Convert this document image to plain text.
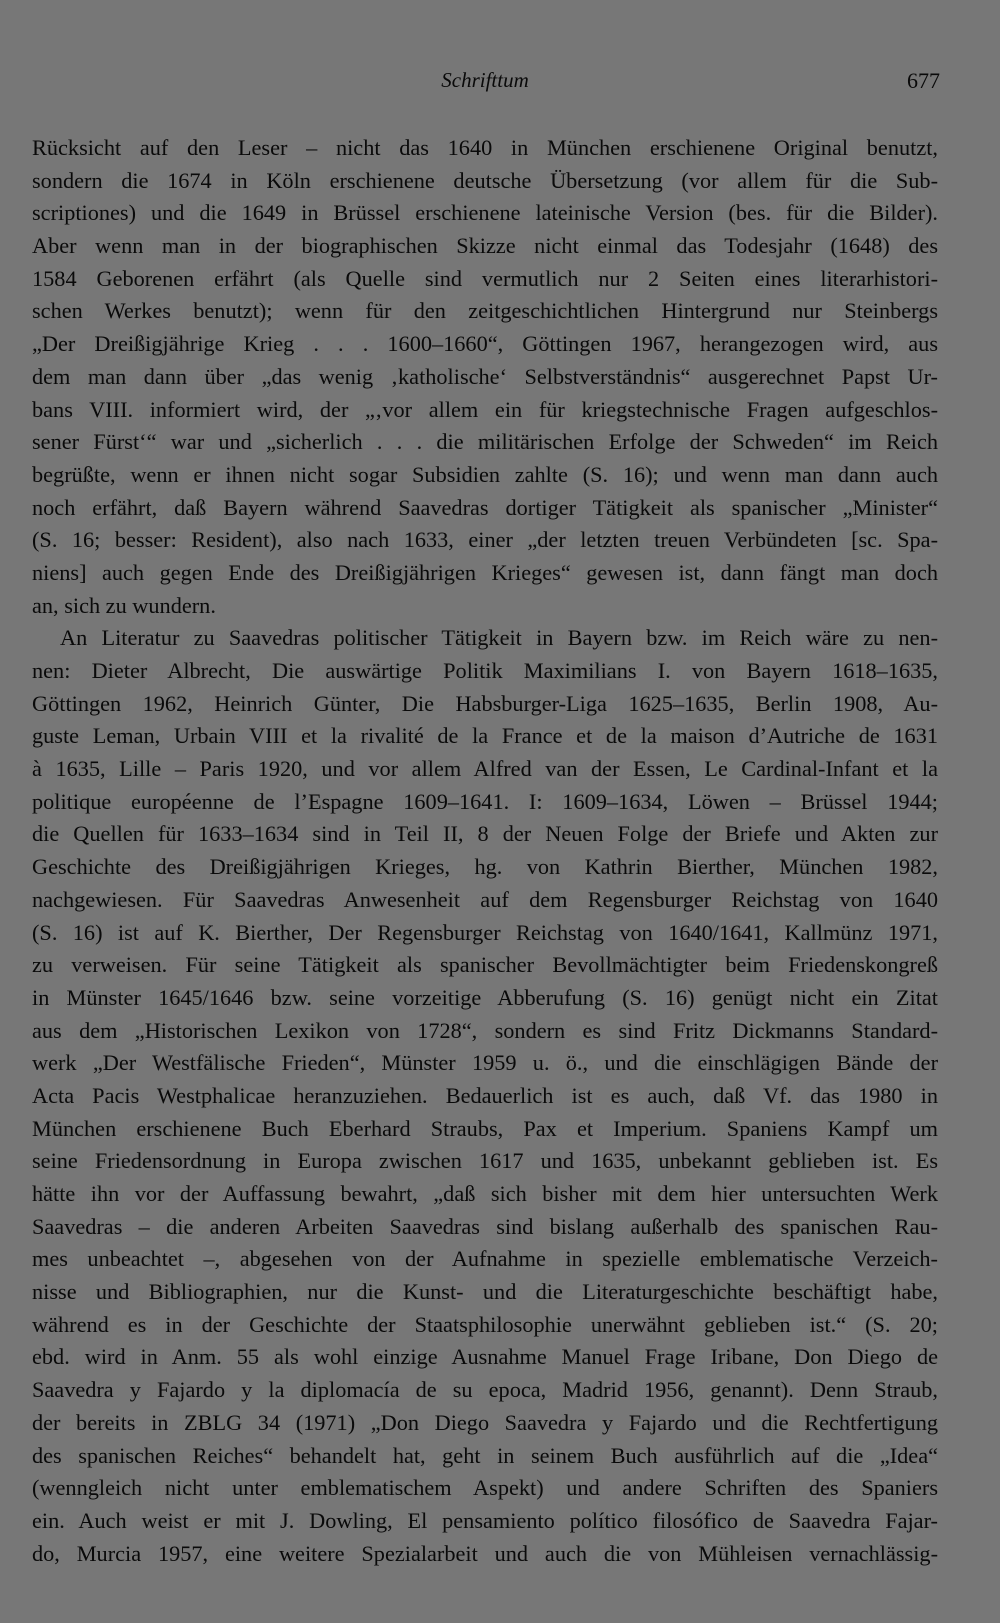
Schrifttum	677
Rücksicht auf den Leser – nicht das 1640 in München erschienene Original benutzt,
sondern die 1674 in Köln erschienene deutsche Übersetzung (vor allem für die Sub-
scriptiones) und die 1649 in Brüssel erschienene lateinische Version (bes. für die Bilder).
Aber wenn man in der biographischen Skizze nicht einmal das Todesjahr (1648) des
1584 Geborenen erfährt (als Quelle sind vermutlich nur 2 Seiten eines literarhistori-
schen Werkes benutzt); wenn für den zeitgeschichtlichen Hintergrund nur Steinbergs
„Der Dreißigjährige Krieg . . . 1600–1660“, Göttingen 1967, herangezogen wird, aus
dem man dann über „das wenig ‚katholische‘ Selbstverständnis“ ausgerechnet Papst Ur-
bans VIII. informiert wird, der „‚vor allem ein für kriegstechnische Fragen aufgeschlos-
sener Fürst‘“ war und „sicherlich . . . die militärischen Erfolge der Schweden“ im Reich
begrüßte, wenn er ihnen nicht sogar Subsidien zahlte (S. 16); und wenn man dann auch
noch erfährt, daß Bayern während Saavedras dortiger Tätigkeit als spanischer „Minister“
(S. 16; besser: Resident), also nach 1633, einer „der letzten treuen Verbündeten [sc. Spa-
niens] auch gegen Ende des Dreißigjährigen Krieges“ gewesen ist, dann fängt man doch
an, sich zu wundern.
An Literatur zu Saavedras politischer Tätigkeit in Bayern bzw. im Reich wäre zu nen-
nen: Dieter Albrecht, Die auswärtige Politik Maximilians I. von Bayern 1618–1635,
Göttingen 1962, Heinrich Günter, Die Habsburger-Liga 1625–1635, Berlin 1908, Au-
guste Leman, Urbain VIII et la rivalité de la France et de la maison d’Autriche de 1631
à 1635, Lille – Paris 1920, und vor allem Alfred van der Essen, Le Cardinal-Infant et la
politique européenne de l’Espagne 1609–1641. I: 1609–1634, Löwen – Brüssel 1944;
die Quellen für 1633–1634 sind in Teil II, 8 der Neuen Folge der Briefe und Akten zur
Geschichte des Dreißigjährigen Krieges, hg. von Kathrin Bierther, München 1982,
nachgewiesen. Für Saavedras Anwesenheit auf dem Regensburger Reichstag von 1640
(S. 16) ist auf K. Bierther, Der Regensburger Reichstag von 1640/1641, Kallmünz 1971,
zu verweisen. Für seine Tätigkeit als spanischer Bevollmächtigter beim Friedenskongreß
in Münster 1645/1646 bzw. seine vorzeitige Abberufung (S. 16) genügt nicht ein Zitat
aus dem „Historischen Lexikon von 1728“, sondern es sind Fritz Dickmanns Standard-
werk „Der Westfälische Frieden“, Münster 1959 u. ö., und die einschlägigen Bände der
Acta Pacis Westphalicae heranzuziehen. Bedauerlich ist es auch, daß Vf. das 1980 in
München erschienene Buch Eberhard Straubs, Pax et Imperium. Spaniens Kampf um
seine Friedensordnung in Europa zwischen 1617 und 1635, unbekannt geblieben ist. Es
hätte ihn vor der Auffassung bewahrt, „daß sich bisher mit dem hier untersuchten Werk
Saavedras – die anderen Arbeiten Saavedras sind bislang außerhalb des spanischen Rau-
mes unbeachtet –, abgesehen von der Aufnahme in spezielle emblematische Verzeich-
nisse und Bibliographien, nur die Kunst- und die Literaturgeschichte beschäftigt habe,
während es in der Geschichte der Staatsphilosophie unerwähnt geblieben ist.“ (S. 20;
ebd. wird in Anm. 55 als wohl einzige Ausnahme Manuel Frage Iribane, Don Diego de
Saavedra y Fajardo y la diplomacía de su epoca, Madrid 1956, genannt). Denn Straub,
der bereits in ZBLG 34 (1971) „Don Diego Saavedra y Fajardo und die Rechtfertigung
des spanischen Reiches“ behandelt hat, geht in seinem Buch ausführlich auf die „Idea“
(wenngleich nicht unter emblematischem Aspekt) und andere Schriften des Spaniers
ein. Auch weist er mit J. Dowling, El pensamiento político filosófico de Saavedra Fajar-
do, Murcia 1957, eine weitere Spezialarbeit und auch die von Mühleisen vernachlässig-
